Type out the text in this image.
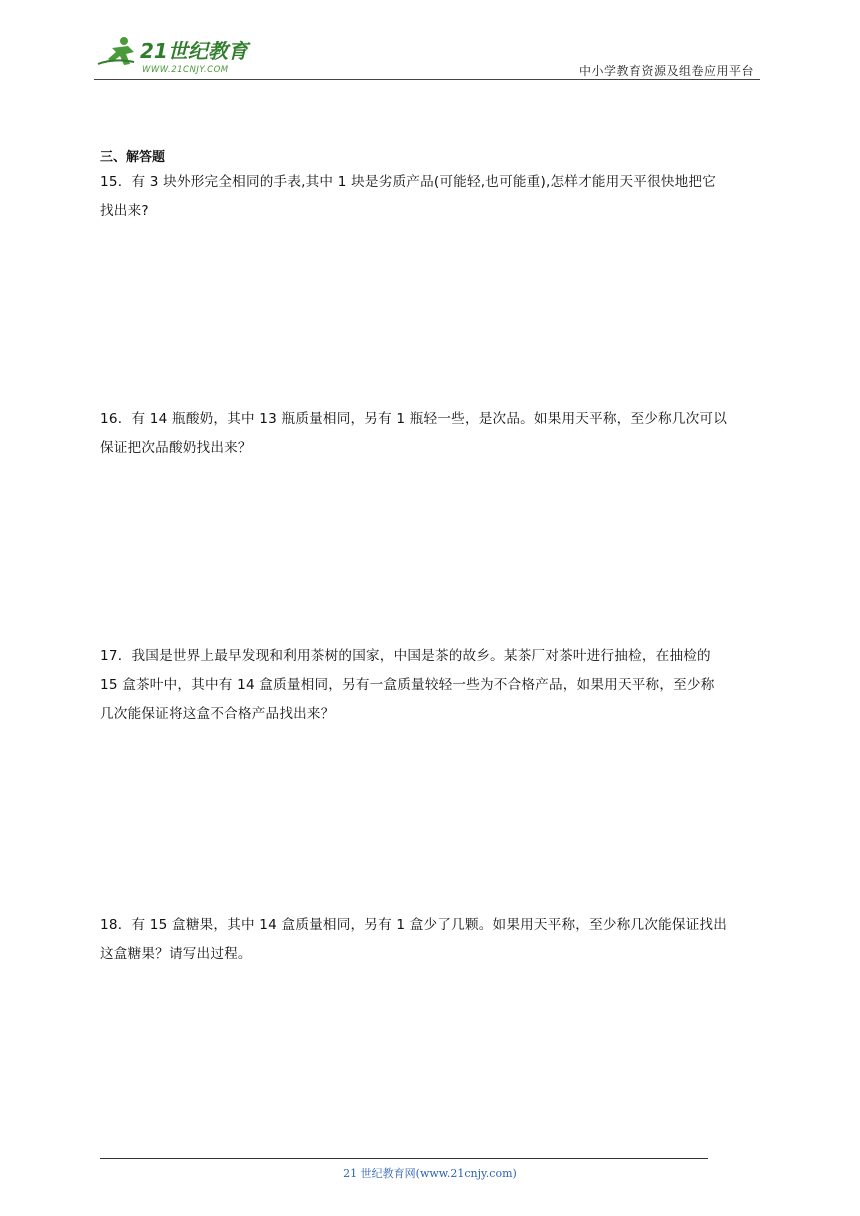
21世纪教育
WWW.21CNJY.COM	中小学教育资源及组卷应用平台
三、解答题
15．有 3 块外形完全相同的手表,其中 1 块是劣质产品(可能轻,也可能重),怎样才能用天平很快地把它
找出来?
16．有 14 瓶酸奶，其中 13 瓶质量相同，另有 1 瓶轻一些，是次品。如果用天平称，至少称几次可以
保证把次品酸奶找出来？
17．我国是世界上最早发现和利用茶树的国家，中国是茶的故乡。某茶厂对茶叶进行抽检，在抽检的
15 盒茶叶中，其中有 14 盒质量相同，另有一盒质量较轻一些为不合格产品，如果用天平称，至少称
几次能保证将这盒不合格产品找出来？
18．有 15 盒糖果，其中 14 盒质量相同，另有 1 盒少了几颗。如果用天平称，至少称几次能保证找出
这盒糖果？请写出过程。
21 世纪教育网(www.21cnjy.com)
